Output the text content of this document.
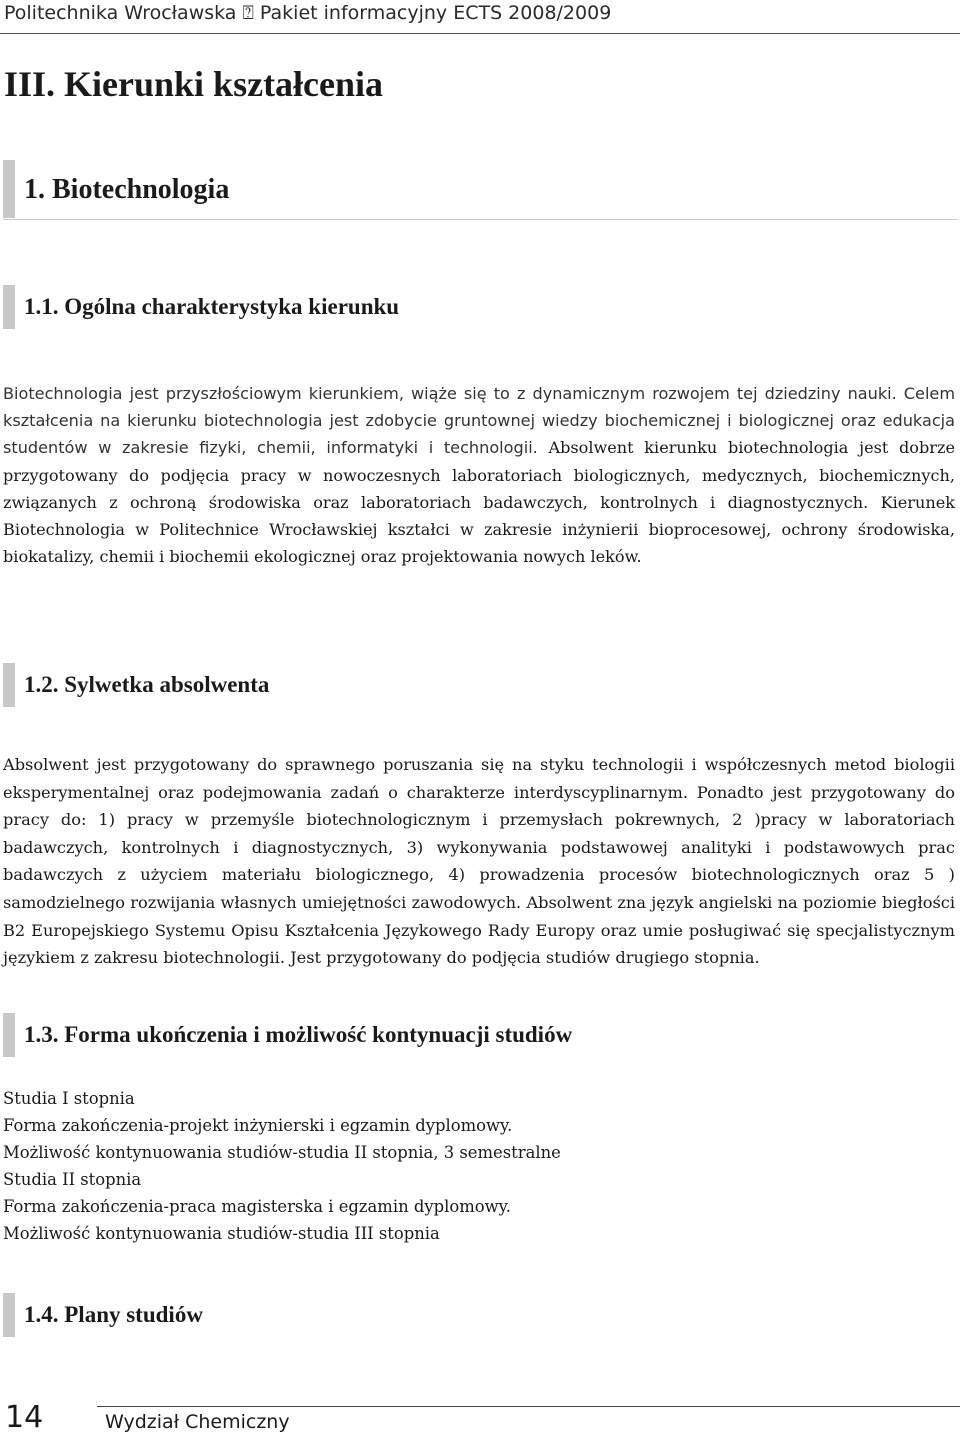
Politechnika Wrocławska ⍰ Pakiet informacyjny ECTS 2008/2009
III. Kierunki kształcenia
1. Biotechnologia
1.1. Ogólna charakterystyka kierunku
Biotechnologia jest przyszłościowym kierunkiem, wiąże się to z dynamicznym rozwojem tej dziedziny nauki. Celem kształcenia na kierunku biotechnologia jest zdobycie gruntownej wiedzy biochemicznej i biologicznej oraz edukacja studentów w zakresie fizyki, chemii, informatyki i technologii. Absolwent kierunku biotechnologia jest dobrze przygotowany do podjęcia pracy w nowoczesnych laboratoriach biologicznych, medycznych, biochemicznych, związanych z ochroną środowiska oraz laboratoriach badawczych, kontrolnych i diagnostycznych. Kierunek Biotechnologia w Politechnice Wrocławskiej kształci w zakresie inżynierii bioprocesowej, ochrony środowiska, biokatalizy, chemii i biochemii ekologicznej oraz projektowania nowych leków.
1.2. Sylwetka absolwenta

Absolwent jest przygotowany do sprawnego poruszania się na styku technologii i współczesnych metod biologii eksperymentalnej oraz podejmowania zadań o charakterze interdyscyplinarnym. Ponadto jest przygotowany do pracy do: 1) pracy w przemyśle biotechnologicznym i przemysłach pokrewnych, 2 )pracy w laboratoriach badawczych, kontrolnych i diagnostycznych, 3) wykonywania podstawowej analityki i podstawowych prac badawczych z użyciem materiału biologicznego, 4) prowadzenia procesów biotechnologicznych oraz 5 ) samodzielnego rozwijania własnych umiejętności zawodowych. Absolwent zna język angielski na poziomie biegłości B2 Europejskiego Systemu Opisu Kształcenia Językowego Rady Europy oraz umie posługiwać się specjalistycznym językiem z zakresu biotechnologii. Jest przygotowany do podjęcia studiów drugiego stopnia.

1.3. Forma ukończenia i możliwość kontynuacji studiów
Studia I stopnia
Forma zakończenia-projekt inżynierski i egzamin dyplomowy.
Możliwość kontynuowania studiów-studia II stopnia, 3 semestralne
Studia II stopnia
Forma zakończenia-praca magisterska i egzamin dyplomowy.
Możliwość kontynuowania studiów-studia III stopnia
1.4. Plany studiów
14	Wydział Chemiczny
